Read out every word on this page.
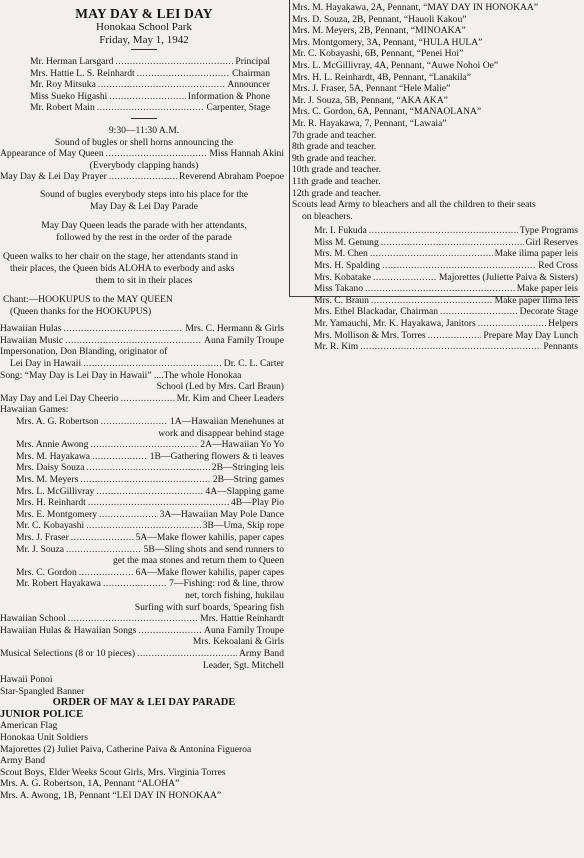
MAY DAY & LEI DAY
Honokaa School Park
Friday, May 1, 1942
Mr. Herman Larsgard .....	Principal
Mrs. Hattie L. S. Reinhardt .....	Chairman
Mr. Roy Mitsuka .....	Announcer
Miss Sueko Higashi .....	Information & Phone
Mr. Robert Main .....	Carpenter, Stage
9:30—11:30 A.M.
Sound of bugles or shell horns announcing the
Appearance of May Queen .....	Miss Hannah Akini
(Everybody clapping hands)
May Day & Lei Day Prayer .....	Reverend Abraham Poepoe
Sound of bugles everybody steps into his place for the
May Day & Lei Day Parade
May Day Queen leads the parade with her attendants,
followed by the rest in the order of the parade
Queen walks to her chair on the stage, her attendants stand in
their places, the Queen bids ALOHA to everbody and asks
them to sit in their places
Chant:—HOOKUPUS to the MAY QUEEN
(Queen thanks for the HOOKUPUS)
Hawaiian Hulas .....	Mrs. C. Hermann & Girls
Hawaiian Music .....	Auna Family Troupe
Impersonation, Don Blanding, originator of
Lei Day in Hawaii .....	Dr. C. L. Carter
Song: “May Day is Lei Day in Hawaii” ....The whole Honokaa
School (Led by Mrs. Carl Braun)
May Day and Lei Day Cheerio .....	Mr. Kim and Cheer Leaders
Hawaiian Games:
Mrs. A. G. Robertson .....	1A—Hawaiian Menehunes at
work and disappear behind stage
Mrs. Annie Awong .....	2A—Hawaiian Yo Yo
Mrs. M. Hayakawa .....	1B—Gathering flowers & ti leaves
Mrs. Daisy Souza .....	2B—Stringing leis
Mrs. M. Meyers .....	2B—String games
Mrs. L. McGillivray .....	4A—Slapping game
Mrs. H. Reinhardt .....	4B—Play Pio
Mrs. E. Montgomery .....	3A—Hawaiian May Pole Dance
Mr. C. Kobayashi .....	3B—Uma, Skip rope
Mrs. J. Fraser .....	5A—Make flower kahilis, paper capes
Mr. J. Souza .....	5B—Sling shots and send runners to
get the maa stones and return them to Queen
Mrs. C. Gordon .....	6A—Make flower kahilis, paper capes
Mr. Robert Hayakawa .....	7—Fishing: rod & line, throw
net, torch fishing, hukilau
Surfing with surf boards, Spearing fish
Hawaiian School .....	Mrs. Hattie Reinhardt
Hawaiian Hulas & Hawaiian Songs .....	Auna Family Troupe
Mrs. Kekoalani & Girls
Musical Selections (8 or 10 pieces) .....	Army Band
Leader, Sgt. Mitchell
Hawaii Ponoi
Star-Spangled Banner
ORDER OF MAY & LEI DAY PARADE
JUNIOR POLICE
American Flag
Honokaa Unit Soldiers
Majorettes (2) Juliet Paiva, Catherine Paiva & Antonina Figueroa
Army Band
Scout Boys, Elder Weeks Scout Girls, Mrs. Virginia Torres
Mrs. A. G. Robertson, 1A, Pennant “ALOHA”
Mrs. A. Awong, 1B, Pennant “LEI DAY IN HONOKAA”
Mrs. M. Hayakawa, 2A, Pennant, “MAY DAY IN HONOKAA”
Mrs. D. Souza, 2B, Pennant, “Hauoli Kakou”
Mrs. M. Meyers, 2B, Pennant, “MINOAKA”
Mrs. Montgomery, 3A, Pennant, “HULA HULA”
Mr. C. Kobayashi, 6B, Pennant, “Penei Hoi”
Mrs. L. McGillivray, 4A, Pennant, “Auwe Nohoi Oe”
Mrs. H. L. Reinhardt, 4B, Pennant, “Lanakila”
Mrs. J. Fraser, 5A, Pennant “Hele Malie”
Mr. J. Souza, 5B, Pennant, “AKA AKA”
Mrs. C. Gordon, 6A, Pennant, “MANAOLANA”
Mr. R. Hayakawa, 7, Pennant, “Lawaia”
7th grade and teacher.
8th grade and teacher.
9th grade and teacher.
10th grade and teacher.
11th grade and teacher.
12th grade and teacher.
Scouts lead Army to bleachers and all the children to their seats
on bleachers.
Mr. I. Fukuda .....	Type Programs
Miss M. Genung .....	Girl Reserves
Mrs. M. Chen .....	Make ilima paper leis
Mrs. H. Spalding .....	Red Cross
Mrs. Kobatake .....	Majorettes (Juliette Paiva & Sisters)
Miss Takano .....	Make paper leis
Mrs. C. Braun .....	Make paper ilima leis
Mrs. Ethel Blackadar, Chairman .....	Decorate Stage
Mr. Yamauchi, Mr. K. Hayakawa, Janitors .....	Helpers
Mrs. Mollison & Mrs. Torres .....	Prepare May Day Lunch
Mr. R. Kim .....	Pennants
